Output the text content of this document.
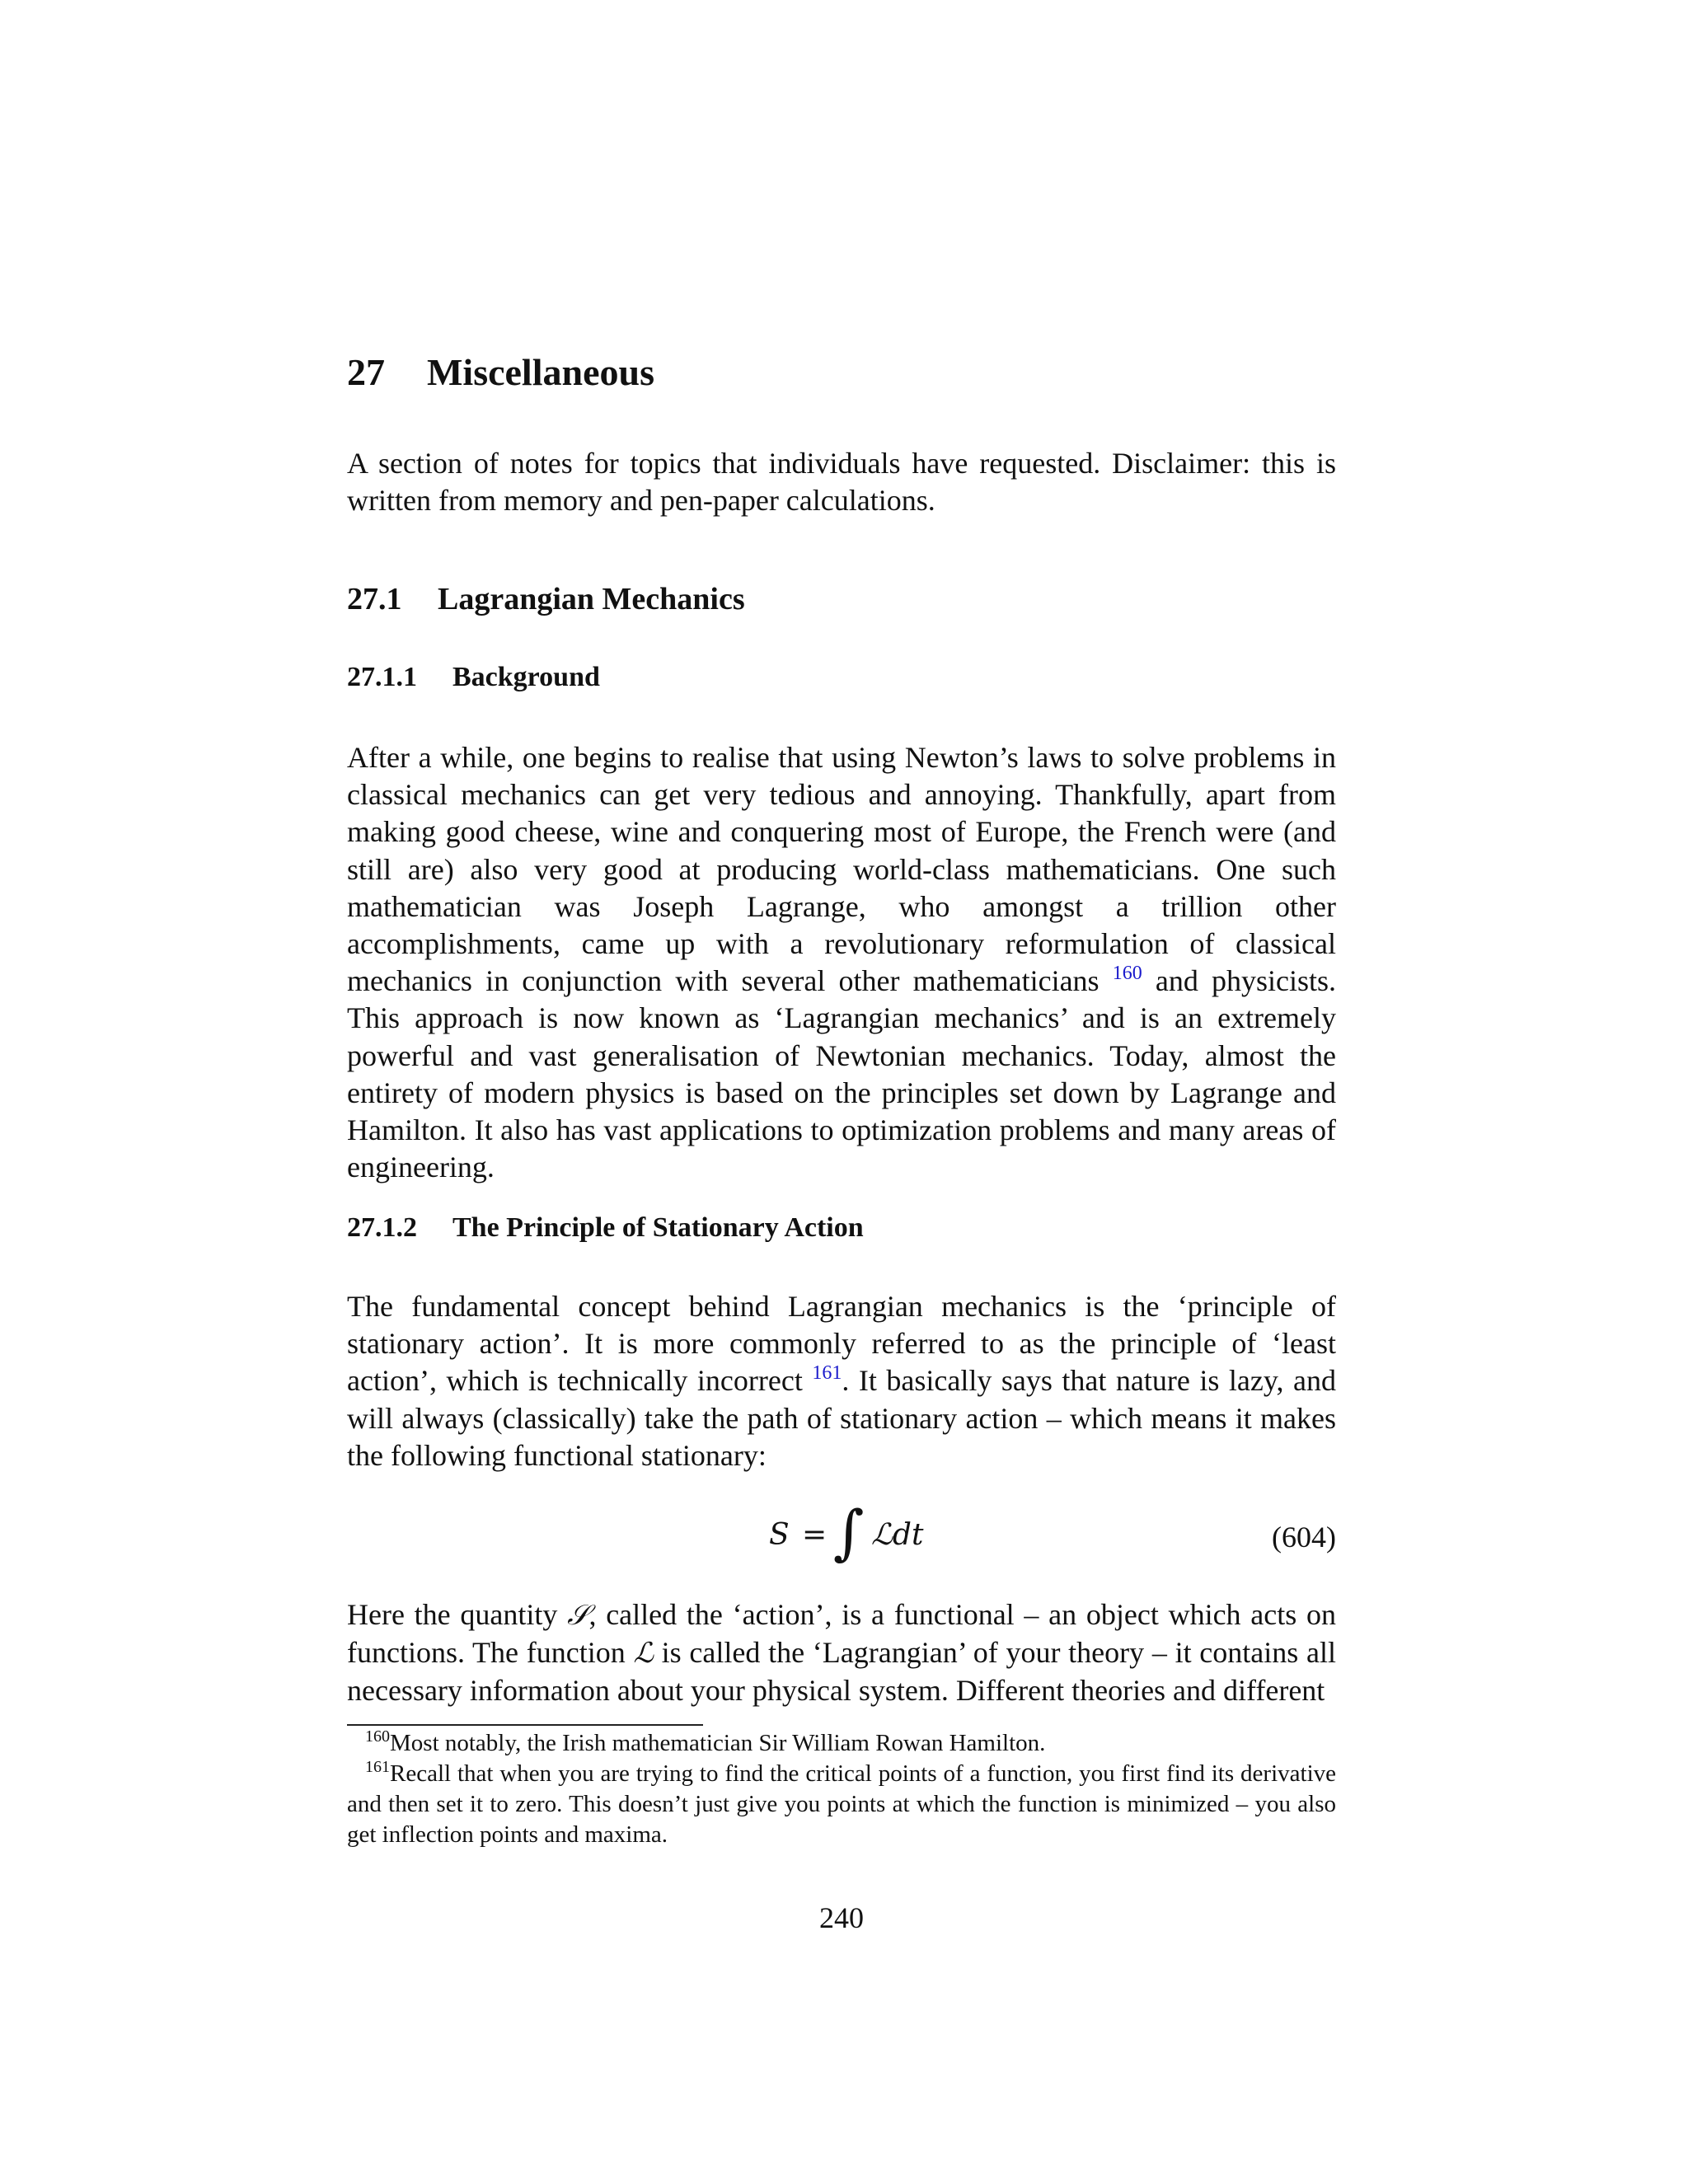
27 Miscellaneous

A section of notes for topics that individuals have requested. Disclaimer: this is written from memory and pen-paper calculations.

27.1 Lagrangian Mechanics
27.1.1 Background

After a while, one begins to realise that using Newton’s laws to solve problems in classical mechanics can get very tedious and annoying. Thankfully, apart from making good cheese, wine and conquering most of Europe, the French were (and still are) also very good at producing world-class mathematicians. One such mathematician was Joseph Lagrange, who amongst a trillion other accomplishments, came up with a revolutionary reformulation of classical mechanics in conjunction with several other mathematicians $^{160}$ and physicists. This approach is now known as ‘Lagrangian mechanics’ and is an extremely powerful and vast generalisation of Newtonian mechanics. Today, almost the entirety of modern physics is based on the principles set down by Lagrange and Hamilton. It also has vast applications to optimization problems and many areas of engineering.

27.1.2 The Principle of Stationary Action

The fundamental concept behind Lagrangian mechanics is the ‘principle of stationary action’. It is more commonly referred to as the principle of ‘least action’, which is technically incorrect $^{161}$. It basically says that nature is lazy, and will always (classically) take the path of stationary action – which means it makes the following functional stationary:

S = ∫ ℒdt	(604)

Here the quantity 𝒮, called the ‘action’, is a functional – an object which acts on functions. The function ℒ is called the ‘Lagrangian’ of your theory – it contains all necessary information about your physical system. Different theories and different

$^{160}$Most notably, the Irish mathematician Sir William Rowan Hamilton.

$^{161}$Recall that when you are trying to find the critical points of a function, you first find its derivative and then set it to zero. This doesn’t just give you points at which the function is minimized – you also get inflection points and maxima.

240
